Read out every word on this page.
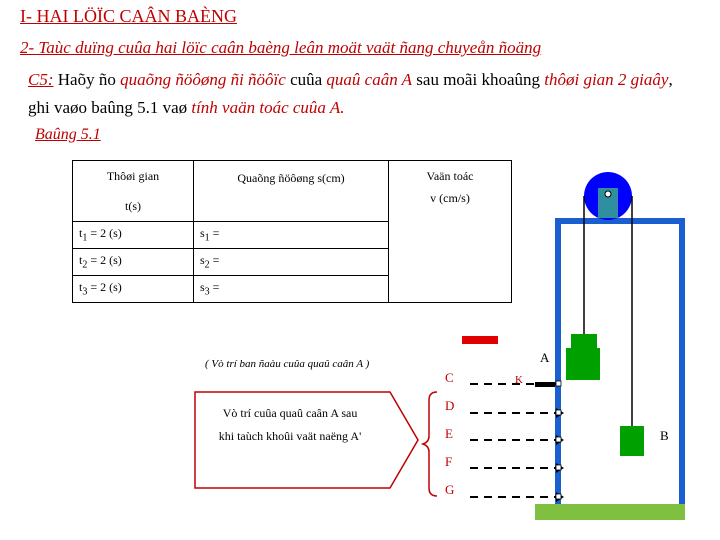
I- HAI LÖÏC CAÂN BAÈNG
2- Taùc duïng cuûa hai löïc caân baèng leân moät vaät ñang chuyeån ñoäng
C5: Haõy ño quaõng ñöôøng ñi ñöôïc cuûa quaû caân A sau moãi khoaûng thôøi gian 2 giaây, ghi vaøo baûng 5.1 vaø tính vaän toác cuûa A.
Baûng 5.1
Thôøi gian	Quaõng ñöôøng s(cm)	Vaän toác
t(s)		v (cm/s)
$t_1 = 2$ (s)	$s_1$ =	
$t_2 = 2$ (s)	$s_2$ =	
$t_3 = 2$ (s)	$s_3$ =	
( Vò trí ban ñaàu cuûa quaû caân A )
Vò trí cuûa quaû caân A sau
khi taùch khoûi vaät naëng A'
A
K
B
C
D
E
F
G
